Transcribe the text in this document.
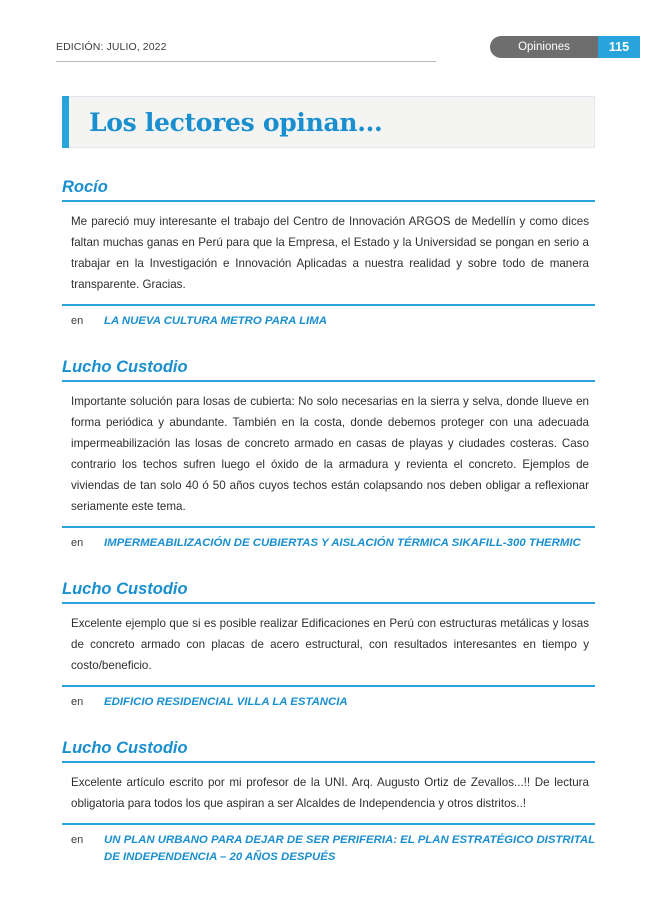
EDICIÓN: JULIO, 2022	Opiniones	115
Los lectores opinan...
Rocío
Me pareció muy interesante el trabajo del Centro de Innovación ARGOS de Medellín y como dices faltan muchas ganas en Perú para que la Empresa, el Estado y la Universidad se pongan en serio a trabajar en la Investigación e Innovación Aplicadas a nuestra realidad y sobre todo de manera transparente. Gracias.
en	LA NUEVA CULTURA METRO PARA LIMA
Lucho Custodio
Importante solución para losas de cubierta: No solo necesarias en la sierra y selva, donde llueve en forma periódica y abundante. También en la costa, donde debemos proteger con una adecuada impermeabilización las losas de concreto armado en casas de playas y ciudades costeras. Caso contrario los techos sufren luego el óxido de la armadura y revienta el concreto. Ejemplos de viviendas de tan solo 40 ó 50 años cuyos techos están colapsando nos deben obligar a reflexionar seriamente este tema.
en	IMPERMEABILIZACIÓN DE CUBIERTAS Y AISLACIÓN TÉRMICA SIKAFILL-300 THERMIC
Lucho Custodio
Excelente ejemplo que si es posible realizar Edificaciones en Perú con estructuras metálicas y losas de concreto armado con placas de acero estructural, con resultados interesantes en tiempo y costo/beneficio.
en	EDIFICIO RESIDENCIAL VILLA LA ESTANCIA
Lucho Custodio
Excelente artículo escrito por mi profesor de la UNI. Arq. Augusto Ortiz de Zevallos...!! De lectura obligatoria para todos los que aspiran a ser Alcaldes de Independencia y otros distritos..!
en	UN PLAN URBANO PARA DEJAR DE SER PERIFERIA: EL PLAN ESTRATÉGICO DISTRITAL DE INDEPENDENCIA – 20 AÑOS DESPUÉS
